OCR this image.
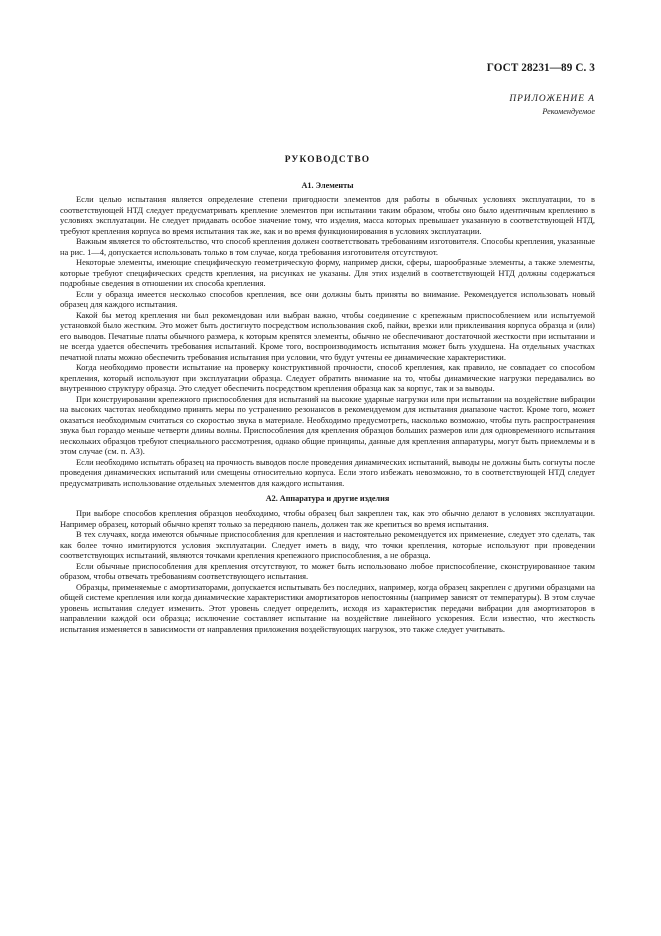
ГОСТ 28231—89 С. 3
ПРИЛОЖЕНИЕ А
Рекомендуемое
РУКОВОДСТВО
А1. Элементы

Если целью испытания является определение степени пригодности элементов для работы в обычных условиях эксплуатации, то в соответствующей НТД следует предусматривать крепление элементов при испытании таким образом, чтобы оно было идентичным креплению в условиях эксплуатации. Не следует придавать особое значение тому, что изделия, масса которых превышает указанную в соответствующей НТД, требуют крепления корпуса во время испытания так же, как и во время функционирования в условиях эксплуатации.

Важным является то обстоятельство, что способ крепления должен соответствовать требованиям изготовителя. Способы крепления, указанные на рис. 1—4, допускается использовать только в том случае, когда требования изготовителя отсутствуют.

Некоторые элементы, имеющие специфическую геометрическую форму, например диски, сферы, шарообразные элементы, а также элементы, которые требуют специфических средств крепления, на рисунках не указаны. Для этих изделий в соответствующей НТД должны содержаться подробные сведения в отношении их способа крепления.

Если у образца имеется несколько способов крепления, все они должны быть приняты во внимание. Рекомендуется использовать новый образец для каждого испытания.

Какой бы метод крепления ни был рекомендован или выбран важно, чтобы соединение с крепежным приспособлением или испытуемой установкой было жестким. Это может быть достигнуто посредством использования скоб, пайки, врезки или приклеивания корпуса образца и (или) его выводов. Печатные платы обычного размера, к которым крепятся элементы, обычно не обеспечивают достаточной жесткости при испытании и не всегда удается обеспечить требования испытаний. Кроме того, воспроизводимость испытания может быть ухудшена. На отдельных участках печатной платы можно обеспечить требования испытания при условии, что будут учтены ее динамические характеристики.

Когда необходимо провести испытание на проверку конструктивной прочности, способ крепления, как правило, не совпадает со способом крепления, который используют при эксплуатации образца. Следует обратить внимание на то, чтобы динамические нагрузки передавались во внутреннюю структуру образца. Это следует обеспечить посредством крепления образца как за корпус, так и за выводы.

При конструировании крепежного приспособления для испытаний на высокие ударные нагрузки или при испытании на воздействие вибрации на высоких частотах необходимо принять меры по устранению резонансов в рекомендуемом для испытания диапазоне частот. Кроме того, может оказаться необходимым считаться со скоростью звука в материале. Необходимо предусмотреть, насколько возможно, чтобы путь распространения звука был гораздо меньше четверти длины волны. Приспособления для крепления образцов больших размеров или для одновременного испытания нескольких образцов требуют специального рассмотрения, однако общие принципы, данные для крепления аппаратуры, могут быть приемлемы и в этом случае (см. п. А3).

Если необходимо испытать образец на прочность выводов после проведения динамических испытаний, выводы не должны быть согнуты после проведения динамических испытаний или смещены относительно корпуса. Если этого избежать невозможно, то в соответствующей НТД следует предусматривать использование отдельных элементов для каждого испытания.

А2. Аппаратура и другие изделия

При выборе способов крепления образцов необходимо, чтобы образец был закреплен так, как это обычно делают в условиях эксплуатации. Например образец, который обычно крепят только за переднюю панель, должен так же крепиться во время испытания.

В тех случаях, когда имеются обычные приспособления для крепления и настоятельно рекомендуется их применение, следует это сделать, так как более точно имитируются условия эксплуатации. Следует иметь в виду, что точки крепления, которые используют при проведении соответствующих испытаний, являются точками крепления крепежного приспособления, а не образца.

Если обычные приспособления для крепления отсутствуют, то может быть использовано любое приспособление, сконструированное таким образом, чтобы отвечать требованиям соответствующего испытания.

Образцы, применяемые с амортизаторами, допускается испытывать без последних, например, когда образец закреплен с другими образцами на общей системе крепления или когда динамические характеристики амортизаторов непостоянны (например зависят от температуры). В этом случае уровень испытания следует изменить. Этот уровень следует определить, исходя из характеристик передачи вибрации для амортизаторов в направлении каждой оси образца; исключение составляет испытание на воздействие линейного ускорения. Если известно, что жесткость испытания изменяется в зависимости от направления приложения воздействующих нагрузок, это также следует учитывать.
